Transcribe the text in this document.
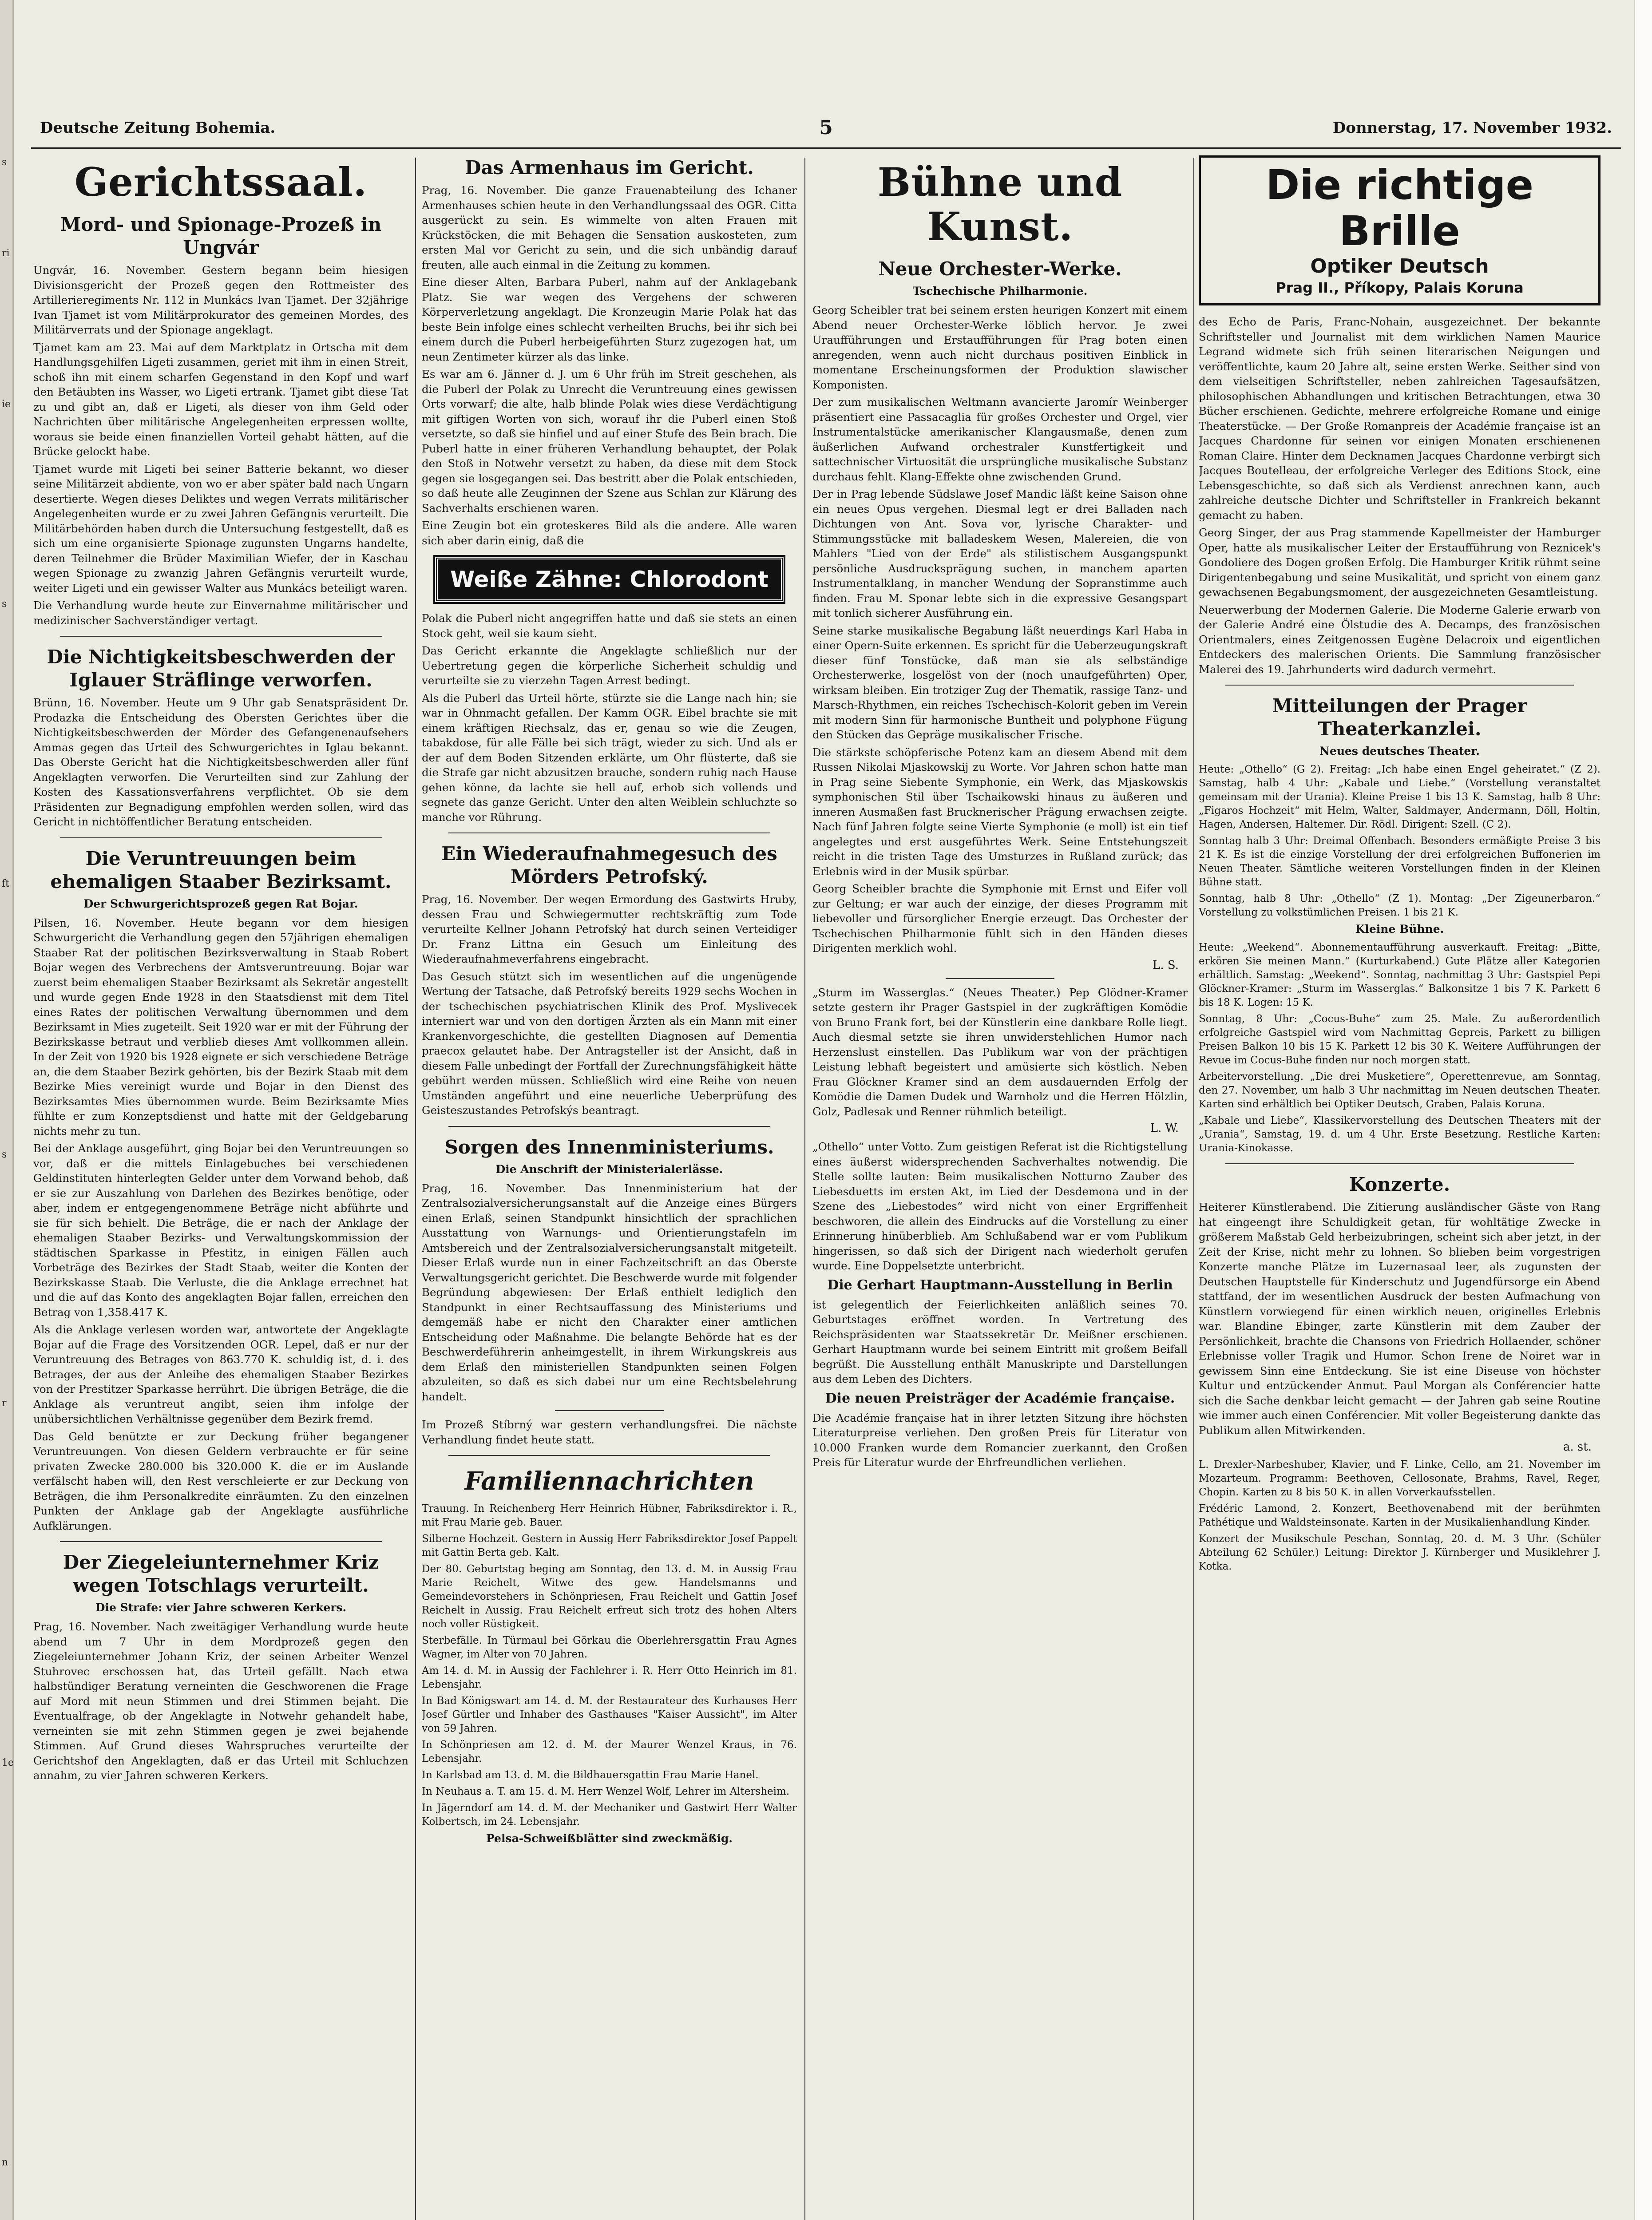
s
ri
ie
s
ft
s
r
1e
n
Deutsche Zeitung Bohemia.	5	Donnerstag, 17. November 1932.
Gerichtssaal.
Mord- und Spionage-Prozeß in Ungvár

Ungvár, 16. November. Gestern begann beim hiesigen Divisionsgericht der Prozeß gegen den Rottmeister des Artillerieregiments Nr. 112 in Munkács Ivan Tjamet. Der 32jährige Ivan Tjamet ist vom Militärprokurator des gemeinen Mordes, des Militärverrats und der Spionage angeklagt.

Tjamet kam am 23. Mai auf dem Marktplatz in Ortscha mit dem Handlungsgehilfen Ligeti zusammen, geriet mit ihm in einen Streit, schoß ihn mit einem scharfen Gegenstand in den Kopf und warf den Betäubten ins Wasser, wo Ligeti ertrank. Tjamet gibt diese Tat zu und gibt an, daß er Ligeti, als dieser von ihm Geld oder Nachrichten über militärische Angelegenheiten erpressen wollte, woraus sie beide einen finanziellen Vorteil gehabt hätten, auf die Brücke gelockt habe.

Tjamet wurde mit Ligeti bei seiner Batterie bekannt, wo dieser seine Militärzeit abdiente, von wo er aber später bald nach Ungarn desertierte. Wegen dieses Deliktes und wegen Verrats militärischer Angelegenheiten wurde er zu zwei Jahren Gefängnis verurteilt. Die Militärbehörden haben durch die Untersuchung festgestellt, daß es sich um eine organisierte Spionage zugunsten Ungarns handelte, deren Teilnehmer die Brüder Maximilian Wiefer, der in Kaschau wegen Spionage zu zwanzig Jahren Gefängnis verurteilt wurde, weiter Ligeti und ein gewisser Walter aus Munkács beteiligt waren.

Die Verhandlung wurde heute zur Einvernahme militärischer und medizinischer Sachverständiger vertagt.

Die Nichtigkeitsbeschwerden der Iglauer Sträflinge verworfen.

Brünn, 16. November. Heute um 9 Uhr gab Senatspräsident Dr. Prodazka die Entscheidung des Obersten Gerichtes über die Nichtigkeitsbeschwerden der Mörder des Gefangenenaufsehers Ammas gegen das Urteil des Schwurgerichtes in Iglau bekannt. Das Oberste Gericht hat die Nichtigkeitsbeschwerden aller fünf Angeklagten verworfen. Die Verurteilten sind zur Zahlung der Kosten des Kassationsverfahrens verpflichtet. Ob sie dem Präsidenten zur Begnadigung empfohlen werden sollen, wird das Gericht in nichtöffentlicher Beratung entscheiden.

Die Veruntreuungen beim ehemaligen Staaber Bezirksamt.
Der Schwurgerichtsprozeß gegen Rat Bojar.

Pilsen, 16. November. Heute begann vor dem hiesigen Schwurgericht die Verhandlung gegen den 57jährigen ehemaligen Staaber Rat der politischen Bezirksverwaltung in Staab Robert Bojar wegen des Verbrechens der Amtsveruntreuung. Bojar war zuerst beim ehemaligen Staaber Bezirksamt als Sekretär angestellt und wurde gegen Ende 1928 in den Staatsdienst mit dem Titel eines Rates der politischen Verwaltung übernommen und dem Bezirksamt in Mies zugeteilt. Seit 1920 war er mit der Führung der Bezirkskasse betraut und verblieb dieses Amt vollkommen allein. In der Zeit von 1920 bis 1928 eignete er sich verschiedene Beträge an, die dem Staaber Bezirk gehörten, bis der Bezirk Staab mit dem Bezirke Mies vereinigt wurde und Bojar in den Dienst des Bezirksamtes Mies übernommen wurde. Beim Bezirksamte Mies fühlte er zum Konzeptsdienst und hatte mit der Geldgebarung nichts mehr zu tun.

Bei der Anklage ausgeführt, ging Bojar bei den Veruntreuungen so vor, daß er die mittels Einlagebuches bei verschiedenen Geldinstituten hinterlegten Gelder unter dem Vorwand behob, daß er sie zur Auszahlung von Darlehen des Bezirkes benötige, oder aber, indem er entgegengenommene Beträge nicht abführte und sie für sich behielt. Die Beträge, die er nach der Anklage der ehemaligen Staaber Bezirks- und Verwaltungskommission der städtischen Sparkasse in Pfestitz, in einigen Fällen auch Vorbeträge des Bezirkes der Stadt Staab, weiter die Konten der Bezirkskasse Staab. Die Verluste, die die Anklage errechnet hat und die auf das Konto des angeklagten Bojar fallen, erreichen den Betrag von 1,358.417 K.

Als die Anklage verlesen worden war, antwortete der Angeklagte Bojar auf die Frage des Vorsitzenden OGR. Lepel, daß er nur der Veruntreuung des Betrages von 863.770 K. schuldig ist, d. i. des Betrages, der aus der Anleihe des ehemaligen Staaber Bezirkes von der Prestitzer Sparkasse herrührt. Die übrigen Beträge, die die Anklage als veruntreut angibt, seien ihm infolge der unübersichtlichen Verhältnisse gegenüber dem Bezirk fremd.

Das Geld benützte er zur Deckung früher begangener Veruntreuungen. Von diesen Geldern verbrauchte er für seine privaten Zwecke 280.000 bis 320.000 K. die er im Auslande verfälscht haben will, den Rest verschleierte er zur Deckung von Beträgen, die ihm Personalkredite einräumten. Zu den einzelnen Punkten der Anklage gab der Angeklagte ausführliche Aufklärungen.

Der Ziegeleiunternehmer Kriz wegen Totschlags verurteilt.
Die Strafe: vier Jahre schweren Kerkers.

Prag, 16. November. Nach zweitägiger Verhandlung wurde heute abend um 7 Uhr in dem Mordprozeß gegen den Ziegeleiunternehmer Johann Kriz, der seinen Arbeiter Wenzel Stuhrovec erschossen hat, das Urteil gefällt. Nach etwa halbstündiger Beratung verneinten die Geschworenen die Frage auf Mord mit neun Stimmen und drei Stimmen bejaht. Die Eventualfrage, ob der Angeklagte in Notwehr gehandelt habe, verneinten sie mit zehn Stimmen gegen je zwei bejahende Stimmen. Auf Grund dieses Wahrspruches verurteilte der Gerichtshof den Angeklagten, daß er das Urteil mit Schluchzen annahm, zu vier Jahren schweren Kerkers.

Das Armenhaus im Gericht.

Prag, 16. November. Die ganze Frauenabteilung des Ichaner Armenhauses schien heute in den Verhandlungssaal des OGR. Citta ausgerückt zu sein. Es wimmelte von alten Frauen mit Krückstöcken, die mit Behagen die Sensation auskosteten, zum ersten Mal vor Gericht zu sein, und die sich unbändig darauf freuten, alle auch einmal in die Zeitung zu kommen.

Eine dieser Alten, Barbara Puberl, nahm auf der Anklagebank Platz. Sie war wegen des Vergehens der schweren Körperverletzung angeklagt. Die Kronzeugin Marie Polak hat das beste Bein infolge eines schlecht verheilten Bruchs, bei ihr sich bei einem durch die Puberl herbeigeführten Sturz zugezogen hat, um neun Zentimeter kürzer als das linke.

Es war am 6. Jänner d. J. um 6 Uhr früh im Streit geschehen, als die Puberl der Polak zu Unrecht die Veruntreuung eines gewissen Orts vorwarf; die alte, halb blinde Polak wies diese Verdächtigung mit giftigen Worten von sich, worauf ihr die Puberl einen Stoß versetzte, so daß sie hinfiel und auf einer Stufe des Bein brach. Die Puberl hatte in einer früheren Verhandlung behauptet, der Polak den Stoß in Notwehr versetzt zu haben, da diese mit dem Stock gegen sie losgegangen sei. Das bestritt aber die Polak entschieden, so daß heute alle Zeuginnen der Szene aus Schlan zur Klärung des Sachverhalts erschienen waren.

Eine Zeugin bot ein groteskeres Bild als die andere. Alle waren sich aber darin einig, daß die

Weiße Zähne: Chlorodont

Polak die Puberl nicht angegriffen hatte und daß sie stets an einen Stock geht, weil sie kaum sieht.

Das Gericht erkannte die Angeklagte schließlich nur der Uebertretung gegen die körperliche Sicherheit schuldig und verurteilte sie zu vierzehn Tagen Arrest bedingt.

Als die Puberl das Urteil hörte, stürzte sie die Lange nach hin; sie war in Ohnmacht gefallen. Der Kamm OGR. Eibel brachte sie mit einem kräftigen Riechsalz, das er, genau so wie die Zeugen, tabakdose, für alle Fälle bei sich trägt, wieder zu sich. Und als er der auf dem Boden Sitzenden erklärte, um Ohr flüsterte, daß sie die Strafe gar nicht abzusitzen brauche, sondern ruhig nach Hause gehen könne, da lachte sie hell auf, erhob sich vollends und segnete das ganze Gericht. Unter den alten Weiblein schluchzte so manche vor Rührung.

Ein Wiederaufnahmegesuch des Mörders Petrofský.

Prag, 16. November. Der wegen Ermordung des Gastwirts Hruby, dessen Frau und Schwiegermutter rechtskräftig zum Tode verurteilte Kellner Johann Petrofský hat durch seinen Verteidiger Dr. Franz Littna ein Gesuch um Einleitung des Wiederaufnahmeverfahrens eingebracht.

Das Gesuch stützt sich im wesentlichen auf die ungenügende Wertung der Tatsache, daß Petrofský bereits 1929 sechs Wochen in der tschechischen psychiatrischen Klinik des Prof. Myslivecek interniert war und von den dortigen Ärzten als ein Mann mit einer Krankenvorgeschichte, die gestellten Diagnosen auf Dementia praecox gelautet habe. Der Antragsteller ist der Ansicht, daß in diesem Falle unbedingt der Fortfall der Zurechnungsfähigkeit hätte gebührt werden müssen. Schließlich wird eine Reihe von neuen Umständen angeführt und eine neuerliche Ueberprüfung des Geisteszustandes Petrofskýs beantragt.

Sorgen des Innenministeriums.
Die Anschrift der Ministerialerlässe.

Prag, 16. November. Das Innenministerium hat der Zentralsozialversicherungsanstalt auf die Anzeige eines Bürgers einen Erlaß, seinen Standpunkt hinsichtlich der sprachlichen Ausstattung von Warnungs- und Orientierungstafeln im Amtsbereich und der Zentralsozialversicherungsanstalt mitgeteilt. Dieser Erlaß wurde nun in einer Fachzeitschrift an das Oberste Verwaltungsgericht gerichtet. Die Beschwerde wurde mit folgender Begründung abgewiesen: Der Erlaß enthielt lediglich den Standpunkt in einer Rechtsauffassung des Ministeriums und demgemäß habe er nicht den Charakter einer amtlichen Entscheidung oder Maßnahme. Die belangte Behörde hat es der Beschwerdeführerin anheimgestellt, in ihrem Wirkungskreis aus dem Erlaß den ministeriellen Standpunkten seinen Folgen abzuleiten, so daß es sich dabei nur um eine Rechtsbelehrung handelt.

Im Prozeß Stíbrný war gestern verhandlungsfrei. Die nächste Verhandlung findet heute statt.

Familiennachrichten

Trauung. In Reichenberg Herr Heinrich Hübner, Fabriksdirektor i. R., mit Frau Marie geb. Bauer.

Silberne Hochzeit. Gestern in Aussig Herr Fabriksdirektor Josef Pappelt mit Gattin Berta geb. Kalt.

Der 80. Geburtstag beging am Sonntag, den 13. d. M. in Aussig Frau Marie Reichelt, Witwe des gew. Handelsmanns und Gemeindevorstehers in Schönpriesen, Frau Reichelt und Gattin Josef Reichelt in Aussig. Frau Reichelt erfreut sich trotz des hohen Alters noch voller Rüstigkeit.

Sterbefälle. In Türmaul bei Görkau die Oberlehrersgattin Frau Agnes Wagner, im Alter von 70 Jahren.

Am 14. d. M. in Aussig der Fachlehrer i. R. Herr Otto Heinrich im 81. Lebensjahr.

In Bad Königswart am 14. d. M. der Restaurateur des Kurhauses Herr Josef Gürtler und Inhaber des Gasthauses "Kaiser Aussicht", im Alter von 59 Jahren.

In Schönpriesen am 12. d. M. der Maurer Wenzel Kraus, in 76. Lebensjahr.

In Karlsbad am 13. d. M. die Bildhauersgattin Frau Marie Hanel.

In Neuhaus a. T. am 15. d. M. Herr Wenzel Wolf, Lehrer im Altersheim.

In Jägerndorf am 14. d. M. der Mechaniker und Gastwirt Herr Walter Kolbertsch, im 24. Lebensjahr.

Pelsa-Schweißblätter sind zweckmäßig.
Bühne und Kunst.
Neue Orchester-Werke.
Tschechische Philharmonie.

Georg Scheibler trat bei seinem ersten heurigen Konzert mit einem Abend neuer Orchester-Werke löblich hervor. Je zwei Uraufführungen und Erstaufführungen für Prag boten einen anregenden, wenn auch nicht durchaus positiven Einblick in momentane Erscheinungsformen der Produktion slawischer Komponisten.

Der zum musikalischen Weltmann avancierte Jaromír Weinberger präsentiert eine Passacaglia für großes Orchester und Orgel, vier Instrumentalstücke amerikanischer Klangausmaße, denen zum äußerlichen Aufwand orchestraler Kunstfertigkeit und sattechnischer Virtuosität die ursprüngliche musikalische Substanz durchaus fehlt. Klang-Effekte ohne zwischenden Grund.

Der in Prag lebende Südslawe Josef Mandic läßt keine Saison ohne ein neues Opus vergehen. Diesmal legt er drei Balladen nach Dichtungen von Ant. Sova vor, lyrische Charakter- und Stimmungsstücke mit balladeskem Wesen, Malereien, die von Mahlers "Lied von der Erde" als stilistischem Ausgangspunkt persönliche Ausdrucksprägung suchen, in manchem aparten Instrumentalklang, in mancher Wendung der Sopranstimme auch finden. Frau M. Sponar lebte sich in die expressive Gesangspart mit tonlich sicherer Ausführung ein.

Seine starke musikalische Begabung läßt neuerdings Karl Haba in einer Opern-Suite erkennen. Es spricht für die Ueberzeugungskraft dieser fünf Tonstücke, daß man sie als selbständige Orchesterwerke, losgelöst von der (noch unaufgeführten) Oper, wirksam bleiben. Ein trotziger Zug der Thematik, rassige Tanz- und Marsch-Rhythmen, ein reiches Tschechisch-Kolorit geben im Verein mit modern Sinn für harmonische Buntheit und polyphone Fügung den Stücken das Gepräge musikalischer Frische.

Die stärkste schöpferische Potenz kam an diesem Abend mit dem Russen Nikolai Mjaskowskij zu Worte. Vor Jahren schon hatte man in Prag seine Siebente Symphonie, ein Werk, das Mjaskowskis symphonischen Stil über Tschaikowski hinaus zu äußeren und inneren Ausmaßen fast Brucknerischer Prägung erwachsen zeigte. Nach fünf Jahren folgte seine Vierte Symphonie (e moll) ist ein tief angelegtes und erst ausgeführtes Werk. Seine Entstehungszeit reicht in die tristen Tage des Umsturzes in Rußland zurück; das Erlebnis wird in der Musik spürbar.

Georg Scheibler brachte die Symphonie mit Ernst und Eifer voll zur Geltung; er war auch der einzige, der dieses Programm mit liebevoller und fürsorglicher Energie erzeugt. Das Orchester der Tschechischen Philharmonie fühlt sich in den Händen dieses Dirigenten merklich wohl.

L. S.

„Sturm im Wasserglas.“ (Neues Theater.) Pep Glödner-Kramer setzte gestern ihr Prager Gastspiel in der zugkräftigen Komödie von Bruno Frank fort, bei der Künstlerin eine dankbare Rolle liegt. Auch diesmal setzte sie ihren unwiderstehlichen Humor nach Herzenslust einstellen. Das Publikum war von der prächtigen Leistung lebhaft begeistert und amüsierte sich köstlich. Neben Frau Glöckner Kramer sind an dem ausdauernden Erfolg der Komödie die Damen Dudek und Warnholz und die Herren Hölzlin, Golz, Padlesak und Renner rühmlich beteiligt.

L. W.

„Othello“ unter Votto. Zum geistigen Referat ist die Richtigstellung eines äußerst widersprechenden Sachverhaltes notwendig. Die Stelle sollte lauten: Beim musikalischen Notturno Zauber des Liebesduetts im ersten Akt, im Lied der Desdemona und in der Szene des „Liebestodes“ wird nicht von einer Ergriffenheit beschworen, die allein des Eindrucks auf die Vorstellung zu einer Erinnerung hinüberblieb. Am Schlußabend war er vom Publikum hingerissen, so daß sich der Dirigent nach wiederholt gerufen wurde. Eine Doppelsetzte unterbricht.

Die Gerhart Hauptmann-Ausstellung in Berlin

ist gelegentlich der Feierlichkeiten anläßlich seines 70. Geburtstages eröffnet worden. In Vertretung des Reichspräsidenten war Staatssekretär Dr. Meißner erschienen. Gerhart Hauptmann wurde bei seinem Eintritt mit großem Beifall begrüßt. Die Ausstellung enthält Manuskripte und Darstellungen aus dem Leben des Dichters.

Die neuen Preisträger der Académie française.

Die Académie française hat in ihrer letzten Sitzung ihre höchsten Literaturpreise verliehen. Den großen Preis für Literatur von 10.000 Franken wurde dem Romancier zuerkannt, den Großen Preis für Literatur wurde der Ehrfreundlichen verliehen.

Die richtige Brille
Optiker Deutsch
Prag II., Příkopy, Palais Koruna

des Echo de Paris, Franc-Nohain, ausgezeichnet. Der bekannte Schriftsteller und Journalist mit dem wirklichen Namen Maurice Legrand widmete sich früh seinen literarischen Neigungen und veröffentlichte, kaum 20 Jahre alt, seine ersten Werke. Seither sind von dem vielseitigen Schriftsteller, neben zahlreichen Tagesaufsätzen, philosophischen Abhandlungen und kritischen Betrachtungen, etwa 30 Bücher erschienen. Gedichte, mehrere erfolgreiche Romane und einige Theaterstücke. — Der Große Romanpreis der Académie française ist an Jacques Chardonne für seinen vor einigen Monaten erschienenen Roman Claire. Hinter dem Decknamen Jacques Chardonne verbirgt sich Jacques Boutelleau, der erfolgreiche Verleger des Editions Stock, eine Lebensgeschichte, so daß sich als Verdienst anrechnen kann, auch zahlreiche deutsche Dichter und Schriftsteller in Frankreich bekannt gemacht zu haben.

Georg Singer, der aus Prag stammende Kapellmeister der Hamburger Oper, hatte als musikalischer Leiter der Erstaufführung von Reznicek's Gondoliere des Dogen großen Erfolg. Die Hamburger Kritik rühmt seine Dirigentenbegabung und seine Musikalität, und spricht von einem ganz gewachsenen Begabungsmoment, der ausgezeichneten Gesamtleistung.

Neuerwerbung der Modernen Galerie. Die Moderne Galerie erwarb von der Galerie André eine Ölstudie des A. Decamps, des französischen Orientmalers, eines Zeitgenossen Eugène Delacroix und eigentlichen Entdeckers des malerischen Orients. Die Sammlung französischer Malerei des 19. Jahrhunderts wird dadurch vermehrt.

Mitteilungen der Prager Theaterkanzlei.
Neues deutsches Theater.

Heute: „Othello“ (G 2). Freitag: „Ich habe einen Engel geheiratet.“ (Z 2). Samstag, halb 4 Uhr: „Kabale und Liebe.“ (Vorstellung veranstaltet gemeinsam mit der Urania). Kleine Preise 1 bis 13 K. Samstag, halb 8 Uhr: „Figaros Hochzeit“ mit Helm, Walter, Saldmayer, Andermann, Döll, Holtin, Hagen, Andersen, Haltemer. Dir. Rödl. Dirigent: Szell. (C 2).

Sonntag halb 3 Uhr: Dreimal Offenbach. Besonders ermäßigte Preise 3 bis 21 K. Es ist die einzige Vorstellung der drei erfolgreichen Buffonerien im Neuen Theater. Sämtliche weiteren Vorstellungen finden in der Kleinen Bühne statt.

Sonntag, halb 8 Uhr: „Othello“ (Z 1). Montag: „Der Zigeunerbaron.“ Vorstellung zu volkstümlichen Preisen. 1 bis 21 K.

Kleine Bühne.

Heute: „Weekend“. Abonnementaufführung ausverkauft. Freitag: „Bitte, erkören Sie meinen Mann.“ (Kurturkabend.) Gute Plätze aller Kategorien erhältlich. Samstag: „Weekend“. Sonntag, nachmittag 3 Uhr: Gastspiel Pepi Glöckner-Kramer: „Sturm im Wasserglas.“ Balkonsitze 1 bis 7 K. Parkett 6 bis 18 K. Logen: 15 K.

Sonntag, 8 Uhr: „Cocus-Buhe“ zum 25. Male. Zu außerordentlich erfolgreiche Gastspiel wird vom Nachmittag Gepreis, Parkett zu billigen Preisen Balkon 10 bis 15 K. Parkett 12 bis 30 K. Weitere Aufführungen der Revue im Cocus-Buhe finden nur noch morgen statt.

Arbeitervorstellung. „Die drei Musketiere“, Operettenrevue, am Sonntag, den 27. November, um halb 3 Uhr nachmittag im Neuen deutschen Theater. Karten sind erhältlich bei Optiker Deutsch, Graben, Palais Koruna.

„Kabale und Liebe“, Klassikervorstellung des Deutschen Theaters mit der „Urania“, Samstag, 19. d. um 4 Uhr. Erste Besetzung. Restliche Karten: Urania-Kinokasse.

Konzerte.

Heiterer Künstlerabend. Die Zitierung ausländischer Gäste von Rang hat eingeengt ihre Schuldigkeit getan, für wohltätige Zwecke in größerem Maßstab Geld herbeizubringen, scheint sich aber jetzt, in der Zeit der Krise, nicht mehr zu lohnen. So blieben beim vorgestrigen Konzerte manche Plätze im Luzernasaal leer, als zugunsten der Deutschen Hauptstelle für Kinderschutz und Jugendfürsorge ein Abend stattfand, der im wesentlichen Ausdruck der besten Aufmachung von Künstlern vorwiegend für einen wirklich neuen, originelles Erlebnis war. Blandine Ebinger, zarte Künstlerin mit dem Zauber der Persönlichkeit, brachte die Chansons von Friedrich Hollaender, schöner Erlebnisse voller Tragik und Humor. Schon Irene de Noiret war in gewissem Sinn eine Entdeckung. Sie ist eine Diseuse von höchster Kultur und entzückender Anmut. Paul Morgan als Conférencier hatte sich die Sache denkbar leicht gemacht — der Jahren gab seine Routine wie immer auch einen Conférencier. Mit voller Begeisterung dankte das Publikum allen Mitwirkenden.

a. st.

L. Drexler-Narbeshuber, Klavier, und F. Linke, Cello, am 21. November im Mozarteum. Programm: Beethoven, Cellosonate, Brahms, Ravel, Reger, Chopin. Karten zu 8 bis 50 K. in allen Vorverkaufsstellen.

Frédéric Lamond, 2. Konzert, Beethovenabend mit der berühmten Pathétique und Waldsteinsonate. Karten in der Musikalienhandlung Kinder.

Konzert der Musikschule Peschan, Sonntag, 20. d. M. 3 Uhr. (Schüler Abteilung 62 Schüler.) Leitung: Direktor J. Kürnberger und Musiklehrer J. Kotka.
